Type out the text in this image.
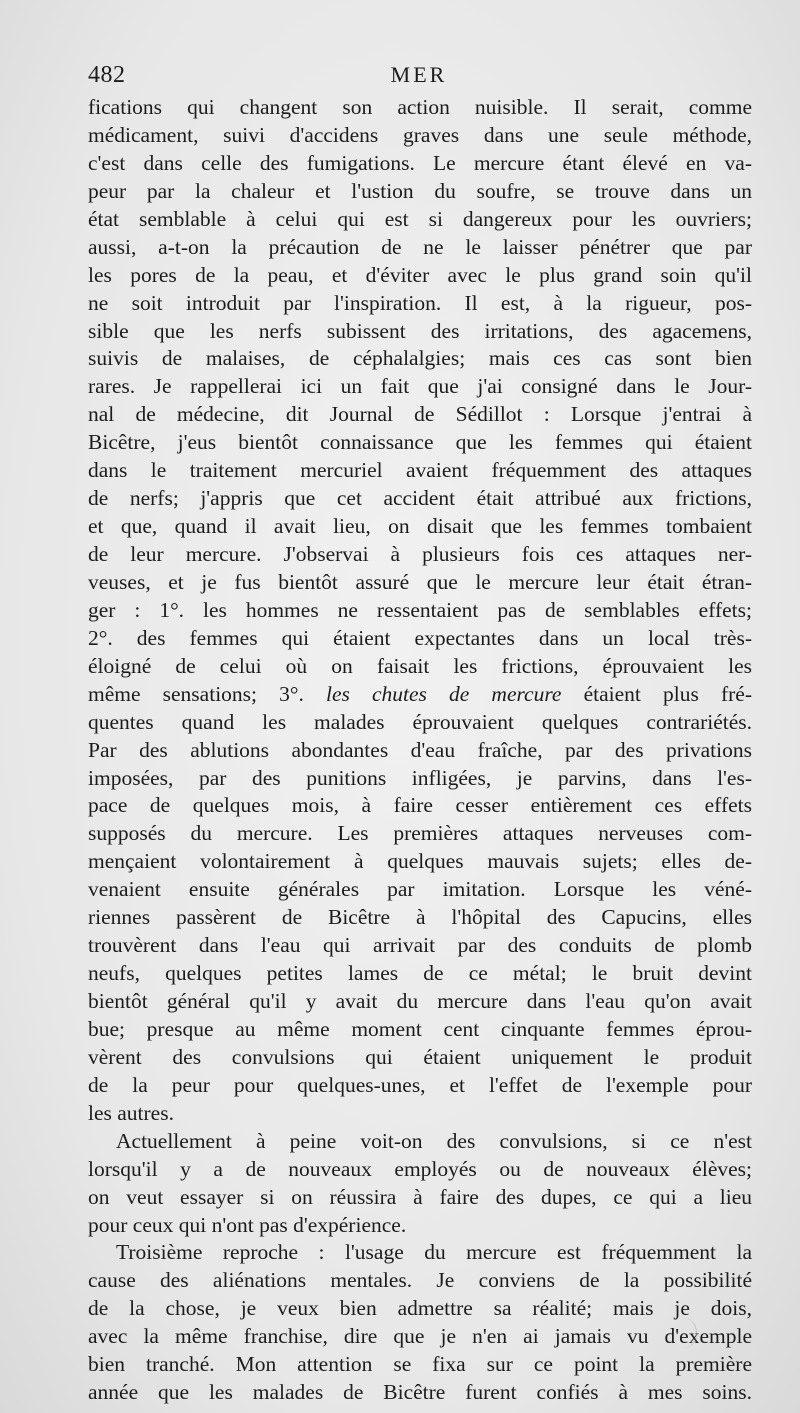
482	MER
fications qui changent son action nuisible. Il serait, comme
médicament, suivi d'accidens graves dans une seule méthode,
c'est dans celle des fumigations. Le mercure étant élevé en va-
peur par la chaleur et l'ustion du soufre, se trouve dans un
état semblable à celui qui est si dangereux pour les ouvriers;
aussi, a-t-on la précaution de ne le laisser pénétrer que par
les pores de la peau, et d'éviter avec le plus grand soin qu'il
ne soit introduit par l'inspiration. Il est, à la rigueur, pos-
sible que les nerfs subissent des irritations, des agacemens,
suivis de malaises, de céphalalgies; mais ces cas sont bien
rares. Je rappellerai ici un fait que j'ai consigné dans le Jour-
nal de médecine, dit Journal de Sédillot : Lorsque j'entrai à
Bicêtre, j'eus bientôt connaissance que les femmes qui étaient
dans le traitement mercuriel avaient fréquemment des attaques
de nerfs; j'appris que cet accident était attribué aux frictions,
et que, quand il avait lieu, on disait que les femmes tombaient
de leur mercure. J'observai à plusieurs fois ces attaques ner-
veuses, et je fus bientôt assuré que le mercure leur était étran-
ger : 1°. les hommes ne ressentaient pas de semblables effets;
2°. des femmes qui étaient expectantes dans un local très-
éloigné de celui où on faisait les frictions, éprouvaient les
même sensations; 3°. les chutes de mercure étaient plus fré-
quentes quand les malades éprouvaient quelques contrariétés.
Par des ablutions abondantes d'eau fraîche, par des privations
imposées, par des punitions infligées, je parvins, dans l'es-
pace de quelques mois, à faire cesser entièrement ces effets
supposés du mercure. Les premières attaques nerveuses com-
mençaient volontairement à quelques mauvais sujets; elles de-
venaient ensuite générales par imitation. Lorsque les véné-
riennes passèrent de Bicêtre à l'hôpital des Capucins, elles
trouvèrent dans l'eau qui arrivait par des conduits de plomb
neufs, quelques petites lames de ce métal; le bruit devint
bientôt général qu'il y avait du mercure dans l'eau qu'on avait
bue; presque au même moment cent cinquante femmes éprou-
vèrent des convulsions qui étaient uniquement le produit
de la peur pour quelques-unes, et l'effet de l'exemple pour
les autres.
Actuellement à peine voit-on des convulsions, si ce n'est
lorsqu'il y a de nouveaux employés ou de nouveaux élèves;
on veut essayer si on réussira à faire des dupes, ce qui a lieu
pour ceux qui n'ont pas d'expérience.
Troisième reproche : l'usage du mercure est fréquemment la
cause des aliénations mentales. Je conviens de la possibilité
de la chose, je veux bien admettre sa réalité; mais je dois,
avec la même franchise, dire que je n'en ai jamais vu d'exemple
bien tranché. Mon attention se fixa sur ce point la première
année que les malades de Bicêtre furent confiés à mes soins.
